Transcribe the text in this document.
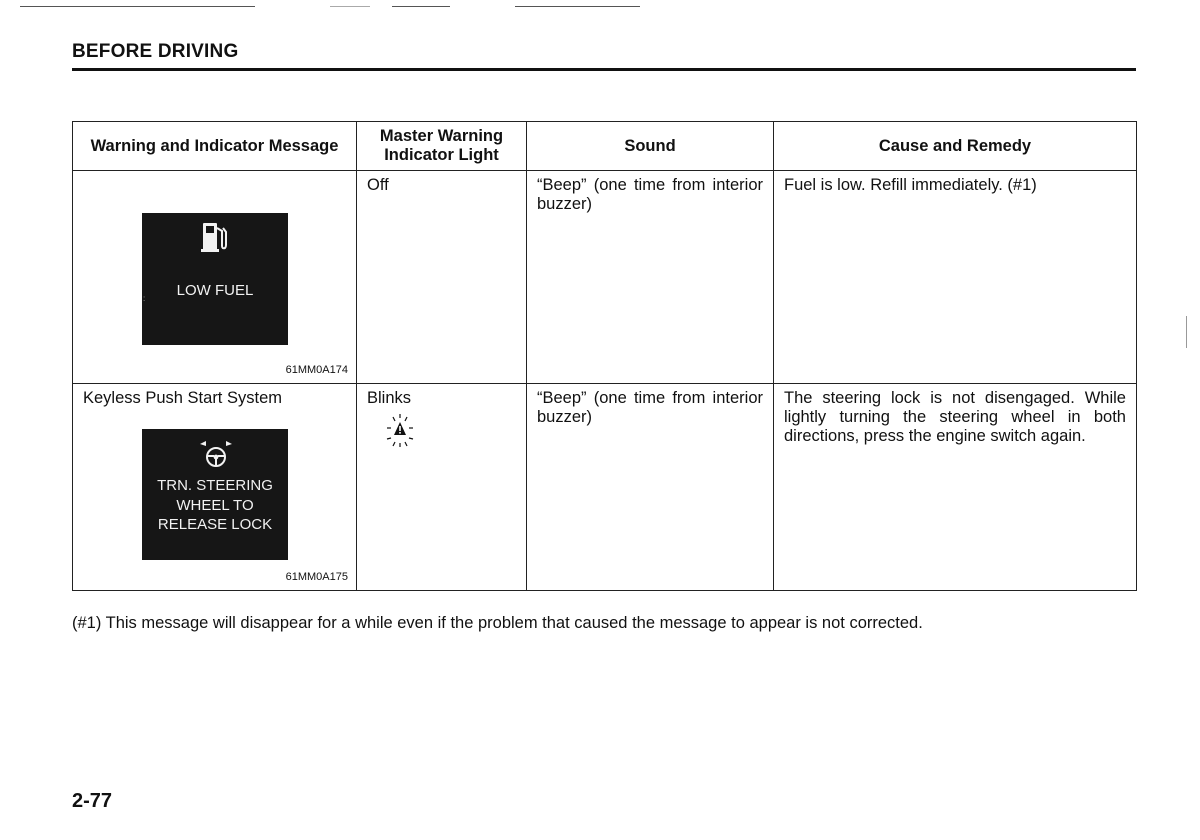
BEFORE DRIVING
Warning and Indicator Message	Master Warning Indicator Light	Sound	Cause and Remedy

: LOW FUEL
61MM0A174	Off	“Beep” (one time from interior buzzer)	Fuel is low. Refill immediately. (#1)

Keyless Push Start System
TRN. STEERING
WHEEL TO
RELEASE LOCK
61MM0A175	Blinks	“Beep” (one time from interior buzzer)	The steering lock is not disengaged. While lightly turning the steering wheel in both directions, press the engine switch again.
(#1) This message will disappear for a while even if the problem that caused the message to appear is not corrected.
2-77
